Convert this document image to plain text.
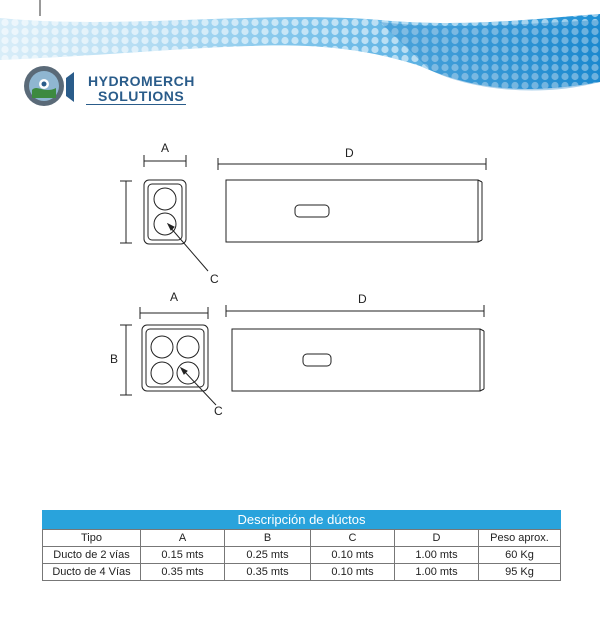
HYDROMERCH
SOLUTIONS
A	D
C
A	D
B
C
Descripción de dúctos
Tipo	A	B	C	D	Peso aprox.
Ducto de 2 vías	0.15 mts	0.25 mts	0.10 mts	1.00 mts	60 Kg
Ducto de 4 Vías	0.35 mts	0.35 mts	0.10 mts	1.00 mts	95 Kg
